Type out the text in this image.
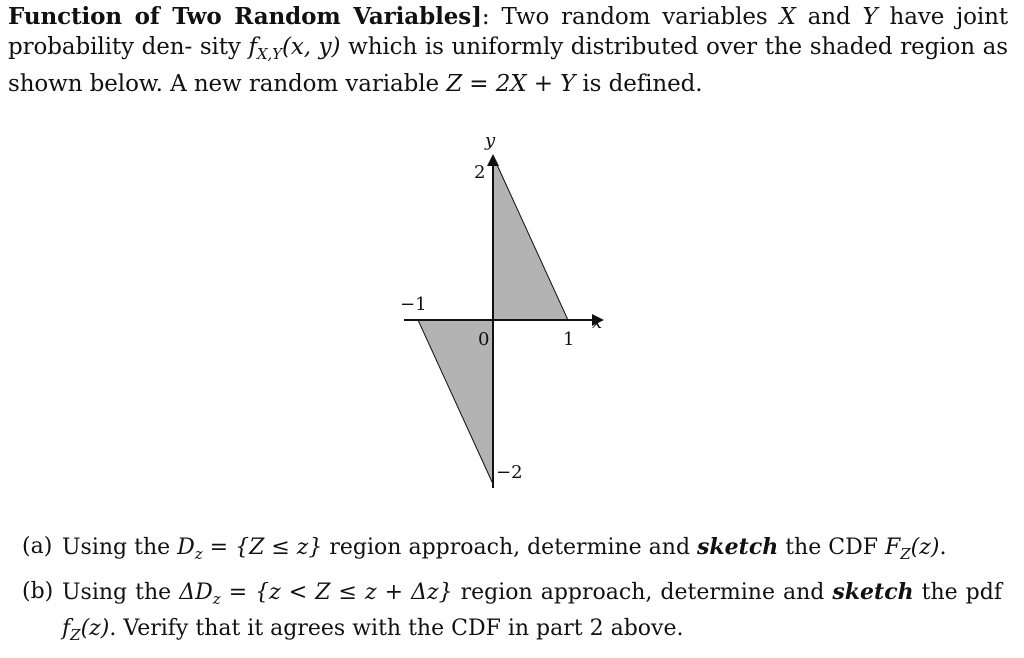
Function of Two Random Variables]: Two random variables X and Y have joint probability den- sity $f_{X,Y}(x$, y) which is uniformly distributed over the shaded region as shown below. A new random variable Z = 2X + Y is defined.
y
x
2
−2
−1
1
0
(a) Using the $D_z = \{Z \le z\}$ region approach, determine and sketch the CDF $F_Z(z)$.
(b) Using the $\Delta D_z = \{z < Z \le z + \Delta z\}$ region approach, determine and sketch the pdf $f_Z(z)$. Verify that it agrees with the CDF in part 2 above.
